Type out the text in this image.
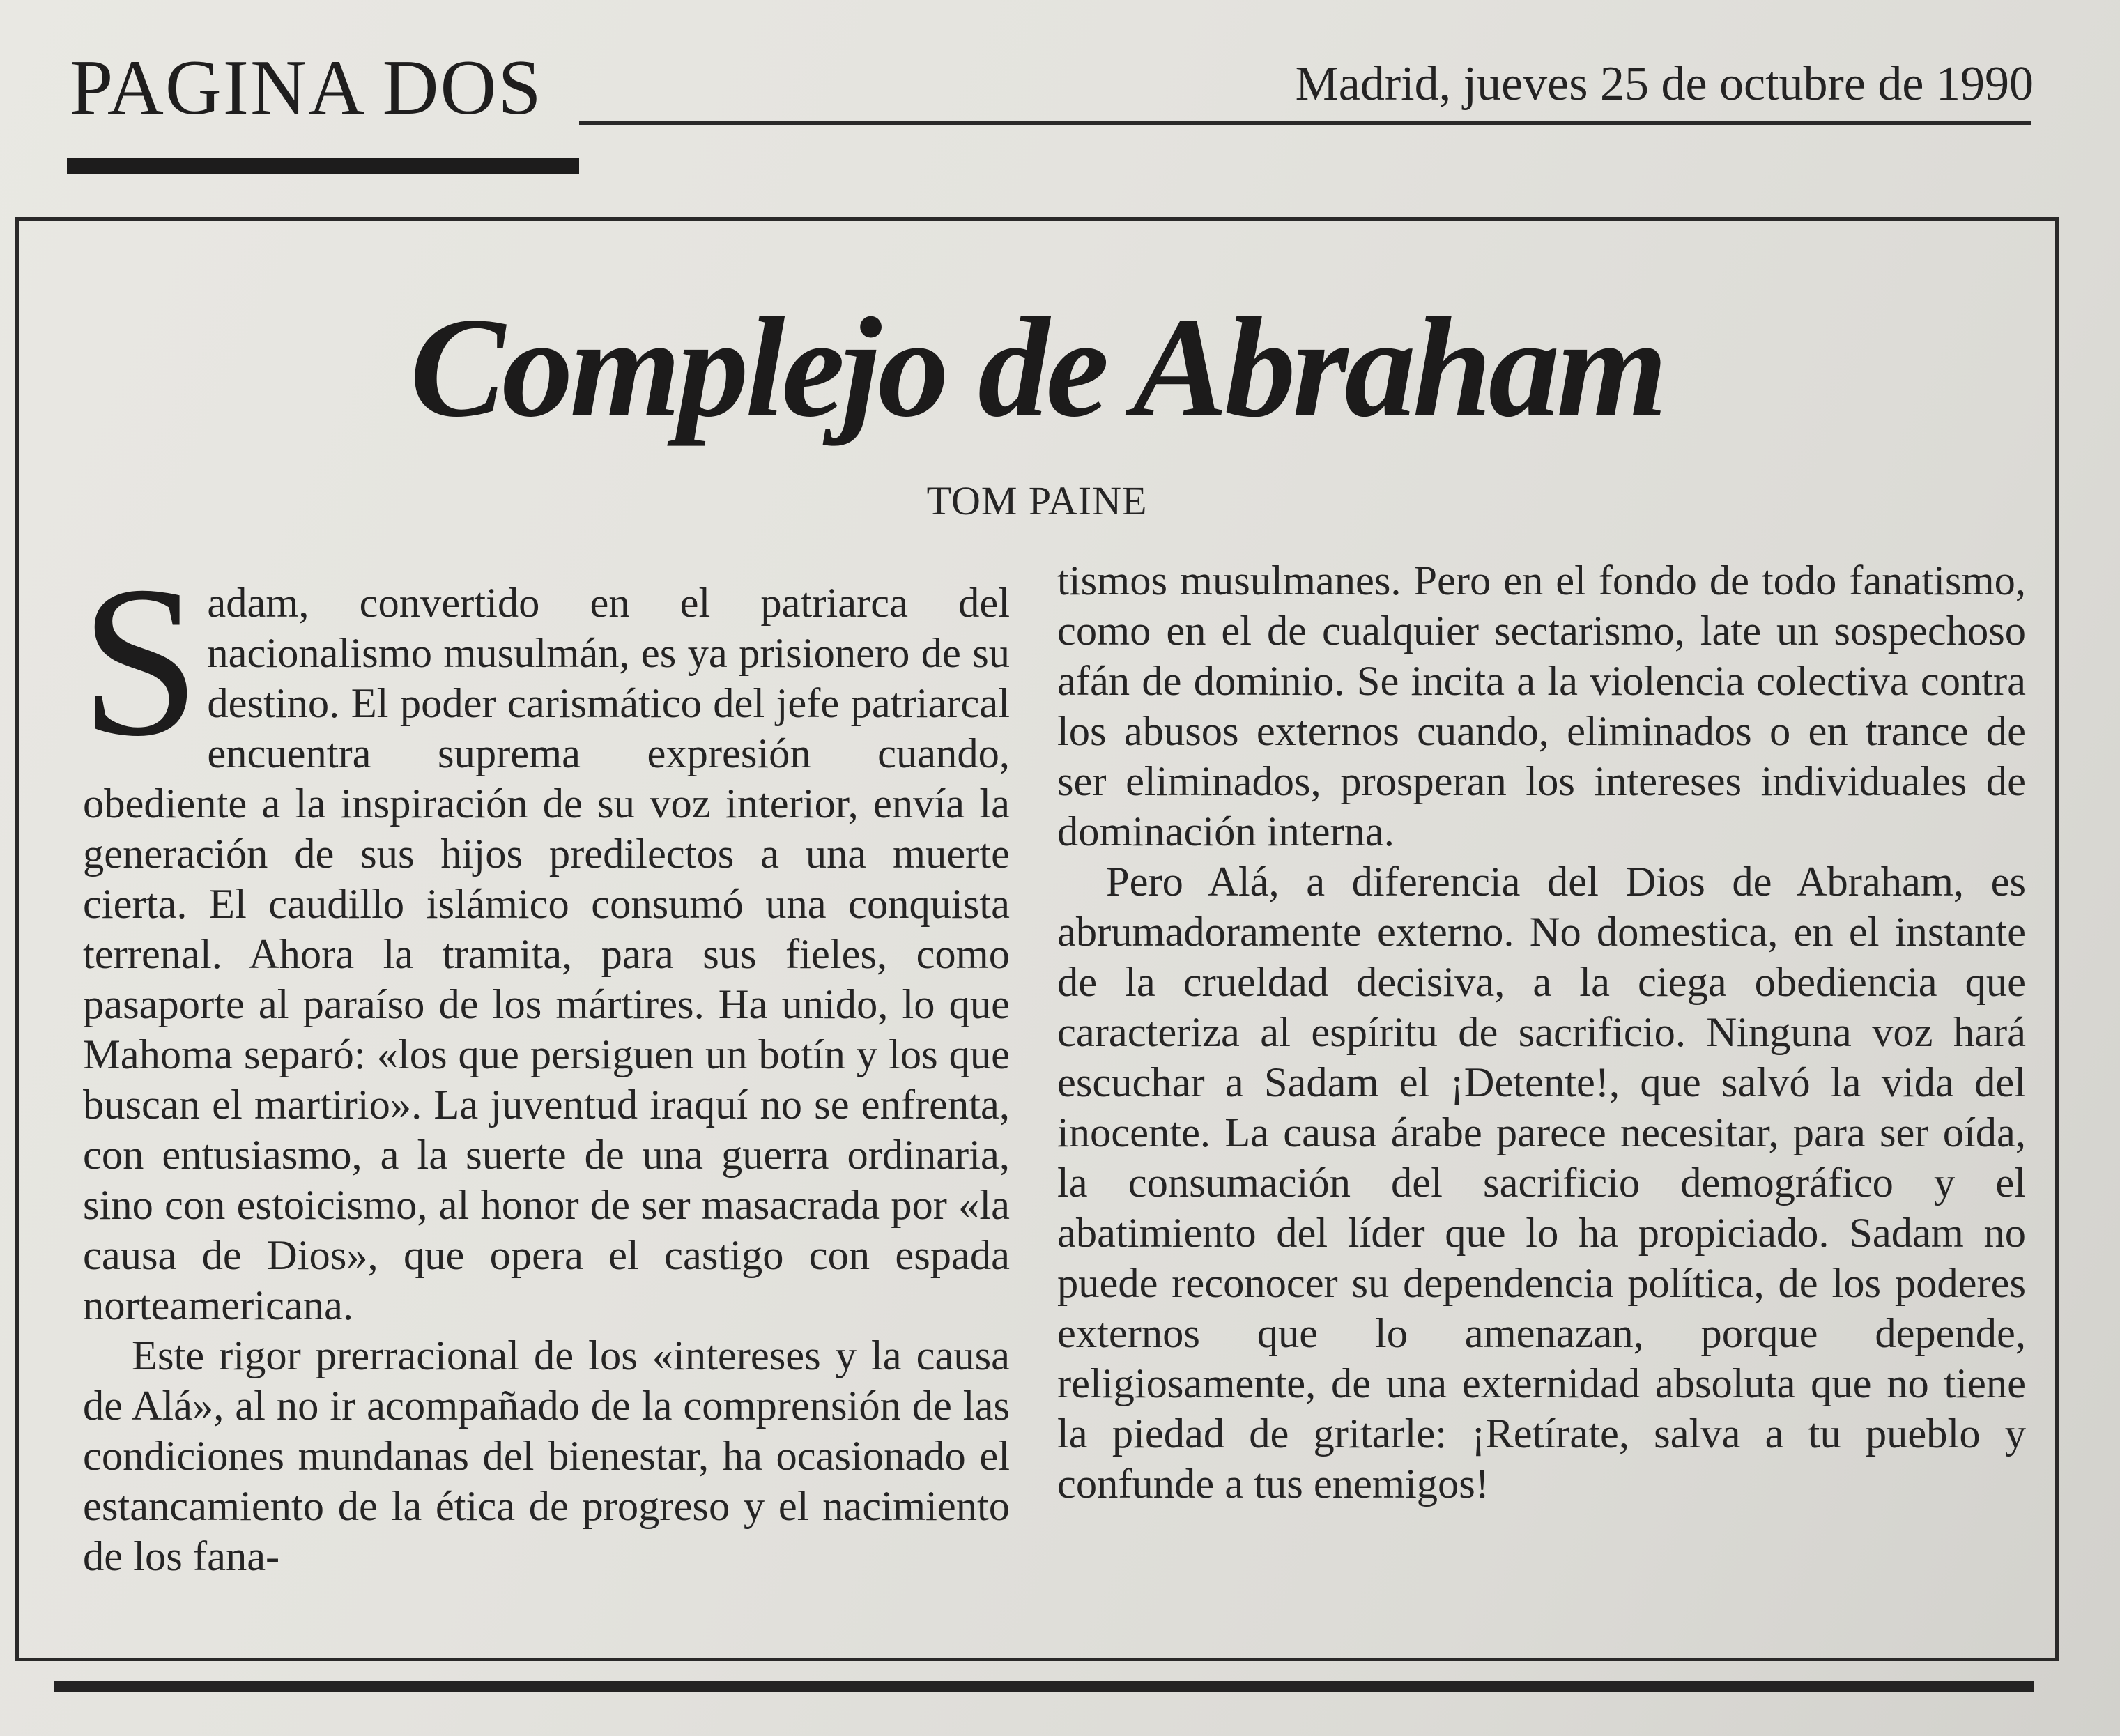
PAGINA DOS	Madrid, jueves 25 de octubre de 1990
Complejo de Abraham
TOM PAINE

Sadam, convertido en el patriarca del nacionalismo musulmán, es ya prisionero de su destino. El poder carismático del jefe patriarcal encuentra suprema expresión cuando, obediente a la inspiración de su voz interior, envía la generación de sus hijos predilectos a una muerte cierta. El caudillo islámico consumó una conquista terrenal. Ahora la tramita, para sus fieles, como pasaporte al paraíso de los mártires. Ha unido, lo que Mahoma separó: «los que persiguen un botín y los que buscan el martirio». La juventud iraquí no se enfrenta, con entusiasmo, a la suerte de una guerra ordinaria, sino con estoicismo, al honor de ser masacrada por «la causa de Dios», que opera el castigo con espada norteamericana.

Este rigor prerracional de los «intereses y la causa de Alá», al no ir acompañado de la comprensión de las condiciones mundanas del bienestar, ha ocasionado el estancamiento de la ética de progreso y el nacimiento de los fana-

tismos musulmanes. Pero en el fondo de todo fanatismo, como en el de cualquier sectarismo, late un sospechoso afán de dominio. Se incita a la violencia colectiva contra los abusos externos cuando, eliminados o en trance de ser eliminados, prosperan los intereses individuales de dominación interna.

Pero Alá, a diferencia del Dios de Abraham, es abrumadoramente externo. No domestica, en el instante de la crueldad decisiva, a la ciega obediencia que caracteriza al espíritu de sacrificio. Ninguna voz hará escuchar a Sadam el ¡Detente!, que salvó la vida del inocente. La causa árabe parece necesitar, para ser oída, la consumación del sacrificio demográfico y el abatimiento del líder que lo ha propiciado. Sadam no puede reconocer su dependencia política, de los poderes externos que lo amenazan, porque depende, religiosamente, de una externidad absoluta que no tiene la piedad de gritarle: ¡Retírate, salva a tu pueblo y confunde a tus enemigos!
